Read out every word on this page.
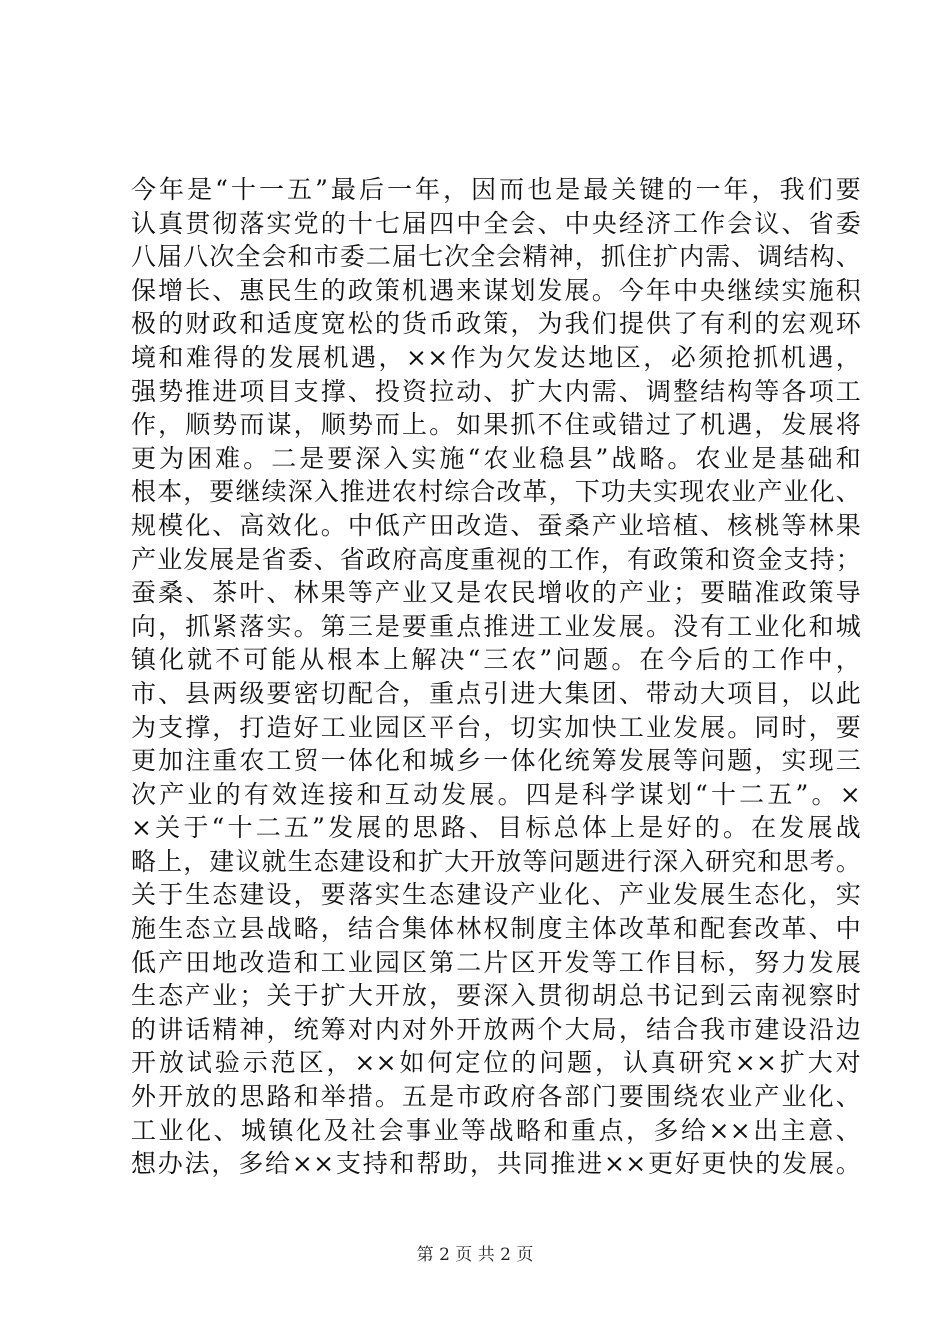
今年是“十一五”最后一年，因而也是最关键的一年，我们要
认真贯彻落实党的十七届四中全会、中央经济工作会议、省委
八届八次全会和市委二届七次全会精神，抓住扩内需、调结构、
保增长、惠民生的政策机遇来谋划发展。今年中央继续实施积
极的财政和适度宽松的货币政策，为我们提供了有利的宏观环
境和难得的发展机遇，××作为欠发达地区，必须抢抓机遇，
强势推进项目支撑、投资拉动、扩大内需、调整结构等各项工
作，顺势而谋，顺势而上。如果抓不住或错过了机遇，发展将
更为困难。二是要深入实施“农业稳县”战略。农业是基础和
根本，要继续深入推进农村综合改革，下功夫实现农业产业化、
规模化、高效化。中低产田改造、蚕桑产业培植、核桃等林果
产业发展是省委、省政府高度重视的工作，有政策和资金支持；
蚕桑、茶叶、林果等产业又是农民增收的产业；要瞄准政策导
向，抓紧落实。第三是要重点推进工业发展。没有工业化和城
镇化就不可能从根本上解决“三农”问题。在今后的工作中，
市、县两级要密切配合，重点引进大集团、带动大项目，以此
为支撑，打造好工业园区平台，切实加快工业发展。同时，要
更加注重农工贸一体化和城乡一体化统筹发展等问题，实现三
次产业的有效连接和互动发展。四是科学谋划“十二五”。×
×关于“十二五”发展的思路、目标总体上是好的。在发展战
略上，建议就生态建设和扩大开放等问题进行深入研究和思考。
关于生态建设，要落实生态建设产业化、产业发展生态化，实
施生态立县战略，结合集体林权制度主体改革和配套改革、中
低产田地改造和工业园区第二片区开发等工作目标，努力发展
生态产业；关于扩大开放，要深入贯彻胡总书记到云南视察时
的讲话精神，统筹对内对外开放两个大局，结合我市建设沿边
开放试验示范区，××如何定位的问题，认真研究××扩大对
外开放的思路和举措。五是市政府各部门要围绕农业产业化、
工业化、城镇化及社会事业等战略和重点，多给××出主意、
想办法，多给××支持和帮助，共同推进××更好更快的发展。
第 2 页 共 2 页
